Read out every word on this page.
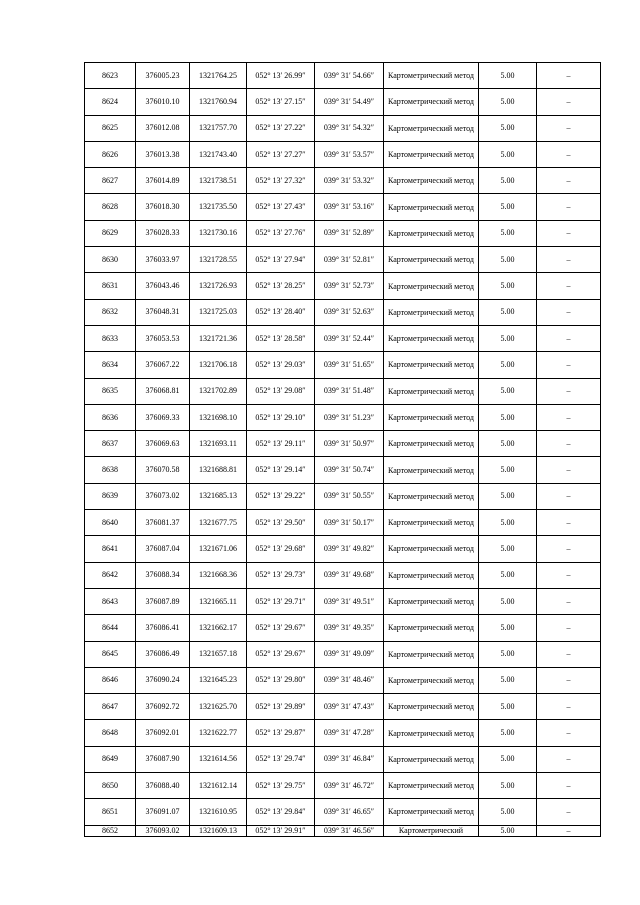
8623	376005.23	1321764.25	052° 13′ 26.99″	039° 31′ 54.66″	Картометрический метод	5.00	–
8624	376010.10	1321760.94	052° 13′ 27.15″	039° 31′ 54.49″	Картометрический метод	5.00	–
8625	376012.08	1321757.70	052° 13′ 27.22″	039° 31′ 54.32″	Картометрический метод	5.00	–
8626	376013.38	1321743.40	052° 13′ 27.27″	039° 31′ 53.57″	Картометрический метод	5.00	–
8627	376014.89	1321738.51	052° 13′ 27.32″	039° 31′ 53.32″	Картометрический метод	5.00	–
8628	376018.30	1321735.50	052° 13′ 27.43″	039° 31′ 53.16″	Картометрический метод	5.00	–
8629	376028.33	1321730.16	052° 13′ 27.76″	039° 31′ 52.89″	Картометрический метод	5.00	–
8630	376033.97	1321728.55	052° 13′ 27.94″	039° 31′ 52.81″	Картометрический метод	5.00	–
8631	376043.46	1321726.93	052° 13′ 28.25″	039° 31′ 52.73″	Картометрический метод	5.00	–
8632	376048.31	1321725.03	052° 13′ 28.40″	039° 31′ 52.63″	Картометрический метод	5.00	–
8633	376053.53	1321721.36	052° 13′ 28.58″	039° 31′ 52.44″	Картометрический метод	5.00	–
8634	376067.22	1321706.18	052° 13′ 29.03″	039° 31′ 51.65″	Картометрический метод	5.00	–
8635	376068.81	1321702.89	052° 13′ 29.08″	039° 31′ 51.48″	Картометрический метод	5.00	–
8636	376069.33	1321698.10	052° 13′ 29.10″	039° 31′ 51.23″	Картометрический метод	5.00	–
8637	376069.63	1321693.11	052° 13′ 29.11″	039° 31′ 50.97″	Картометрический метод	5.00	–
8638	376070.58	1321688.81	052° 13′ 29.14″	039° 31′ 50.74″	Картометрический метод	5.00	–
8639	376073.02	1321685.13	052° 13′ 29.22″	039° 31′ 50.55″	Картометрический метод	5.00	–
8640	376081.37	1321677.75	052° 13′ 29.50″	039° 31′ 50.17″	Картометрический метод	5.00	–
8641	376087.04	1321671.06	052° 13′ 29.68″	039° 31′ 49.82″	Картометрический метод	5.00	–
8642	376088.34	1321668.36	052° 13′ 29.73″	039° 31′ 49.68″	Картометрический метод	5.00	–
8643	376087.89	1321665.11	052° 13′ 29.71″	039° 31′ 49.51″	Картометрический метод	5.00	–
8644	376086.41	1321662.17	052° 13′ 29.67″	039° 31′ 49.35″	Картометрический метод	5.00	–
8645	376086.49	1321657.18	052° 13′ 29.67″	039° 31′ 49.09″	Картометрический метод	5.00	–
8646	376090.24	1321645.23	052° 13′ 29.80″	039° 31′ 48.46″	Картометрический метод	5.00	–
8647	376092.72	1321625.70	052° 13′ 29.89″	039° 31′ 47.43″	Картометрический метод	5.00	–
8648	376092.01	1321622.77	052° 13′ 29.87″	039° 31′ 47.28″	Картометрический метод	5.00	–
8649	376087.90	1321614.56	052° 13′ 29.74″	039° 31′ 46.84″	Картометрический метод	5.00	–
8650	376088.40	1321612.14	052° 13′ 29.75″	039° 31′ 46.72″	Картометрический метод	5.00	–
8651	376091.07	1321610.95	052° 13′ 29.84″	039° 31′ 46.65″	Картометрический метод	5.00	–
8652	376093.02	1321609.13	052° 13′ 29.91″	039° 31′ 46.56″	Картометрический	5.00	–
